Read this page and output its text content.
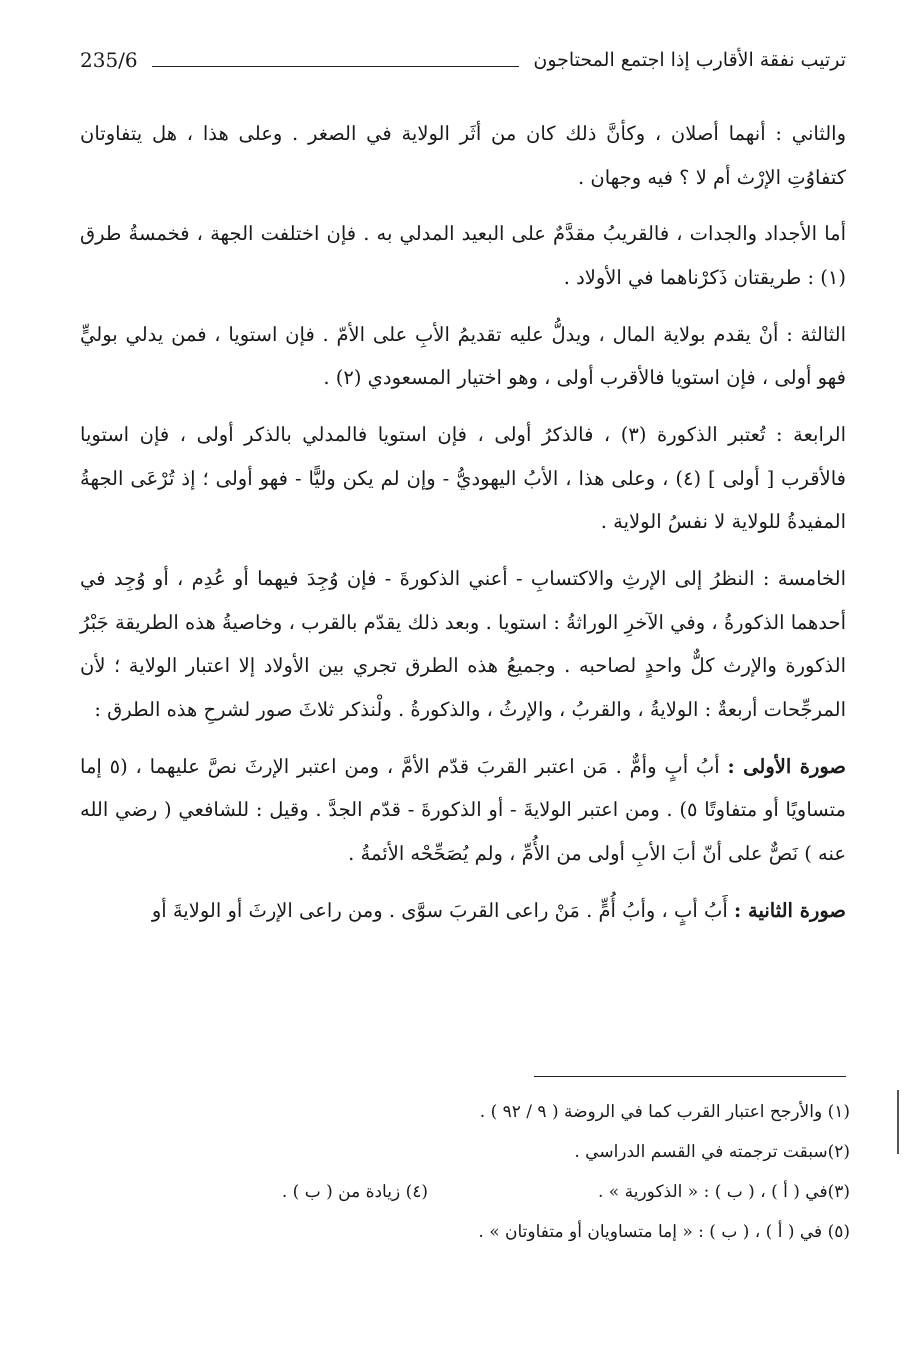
ترتيب نفقة الأقارب إذا اجتمع المحتاجون
235/6

والثاني : أنهما أصلان ، وكأنَّ ذلك كان من أثَر الولاية في الصغر . وعلى هذا ، هل يتفاوتان كتفاوُتِ الإرْث أم لا ؟ فيه وجهان .

أما الأجداد والجدات ، فالقريبُ مقدَّمٌ على البعيد المدلي به . فإن اختلفت الجهة ، فخمسةُ طرق (١) : طريقتان ذَكرْناهما في الأولاد .

الثالثة : أنْ يقدم بولاية المال ، ويدلُّ عليه تقديمُ الأبِ على الأمّ . فإن استويا ، فمن يدلي بوليٍّ فهو أولى ، فإن استويا فالأقرب أولى ، وهو اختيار المسعودي (٢) .

الرابعة : تُعتبر الذكورة (٣) ، فالذكرُ أولى ، فإن استويا فالمدلي بالذكر أولى ، فإن استويا فالأقرب [ أولى ] (٤) ، وعلى هذا ، الأبُ اليهوديُّ - وإن لم يكن وليًّا - فهو أولى ؛ إذ تُرْعَى الجهةُ المفيدةُ للولاية لا نفسُ الولاية .

الخامسة : النظرُ إلى الإرثِ والاكتسابِ - أعني الذكورةَ - فإن وُجِدَ فيهما أو عُدِم ، أو وُجِد في أحدهما الذكورةُ ، وفي الآخرِ الوراثةُ : استويا . وبعد ذلك يقدّم بالقرب ، وخاصيةُ هذه الطريقة جَبْرُ الذكورة والإرث كلٌّ واحدٍ لصاحبه . وجميعُ هذه الطرق تجري بين الأولاد إلا اعتبار الولاية ؛ لأن المرجِّحات أربعةٌ : الولايةُ ، والقربُ ، والإرثُ ، والذكورةُ . ولْنذكر ثلاثَ صور لشرحِ هذه الطرق :

صورة الأولى : أبُ أبٍ وأمٌّ . مَن اعتبر القربَ قدّم الأمَّ ، ومن اعتبر الإرثَ نصَّ عليهما ، (٥ إما متساويًا أو متفاوتًا ٥) . ومن اعتبر الولايةَ - أو الذكورةَ - قدّم الجدَّ . وقيل : للشافعي ( رضي الله عنه ) نَصٌّ على أنّ أبَ الأبِ أولى من الأُمِّ ، ولم يُصَحِّحْه الأئمةُ .

صورة الثانية : أَبُ أبٍ ، وأبُ أُمٍّ . مَنْ راعى القربَ سوَّى . ومن راعى الإرثَ أو الولايةَ أو

(١) والأرجح اعتبار القرب كما في الروضة ( ٩ / ٩٢ ) .
(٢)سبقت ترجمته في القسم الدراسي .
(٣)في ( أ ) ، ( ب ) : « الذكورية » .
(٤) زيادة من ( ب ) .
(٥) في ( أ ) ، ( ب ) : « إما متساويان أو متفاوتان » .
